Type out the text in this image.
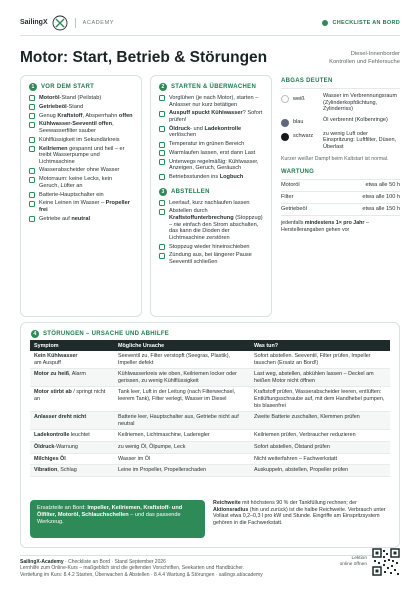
SailingX	ACADEMY	CHECKLISTE AN BORD
Motor: Start, Betrieb & Störungen	Diesel-Innenborder
Kontrollen und Fehlersuche
1	VOR DEM START
Motoröl-Stand (Peilstab)
Getriebeöl-Stand
Genug Kraftstoff, Absperrhahn offen
Kühlwasser-Seeventil offen, Seewasserfilter sauber
Kühlflüssigkeit im Sekundärkreis
Keilriemen gespannt und heil – er treibt Wasserpumpe und Lichtmaschine
Wasserabscheider ohne Wasser
Motorraum: keine Lecks, kein Geruch, Lüfter an
Batterie-Hauptschalter ein
Keine Leinen im Wasser – Propeller frei
Getriebe auf neutral
2	STARTEN & ÜBERWACHEN
Vorglühen (je nach Motor), starten – Anlasser nur kurz betätigen
Auspuff spuckt Kühlwasser? Sofort prüfen!
Öldruck- und Ladekontrolle verlöschen
Temperatur im grünen Bereich
Warmlaufen lassen, erst dann Last
Unterwegs regelmäßig: Kühlwasser, Anzeigen, Geruch, Geräusch
Betriebsstunden ins Logbuch
3	ABSTELLEN
Leerlauf, kurz nachlaufen lassen
Abstellen durch Kraftstoffunterbrechung (Stoppzug) – nie einfach den Strom abschalten, das kann die Dioden der Lichtmaschine zerstören
Stoppzug wieder hineinschieben
Zündung aus, bei längerer Pause Seeventil schließen
ABGAS DEUTEN
weiß	Wasser im Verbrennungsraum (Zylinderkopfdichtung, Zylinderriss)
blau	Öl verbrennt (Kolbenringe)
schwarz zu wenig Luft oder Einspritzung: Luftfilter, Düsen, Überlast
Kurzer weißer Dampf beim Kaltstart ist normal.
WARTUNG
Motoröl	etwa alle 50 h
Filter	etwa alle 100 h
Getriebeöl	etwa alle 150 h
jedenfalls mindestens 1× pro Jahr – Herstellerangaben gehen vor
4	STÖRUNGEN – URSACHE UND ABHILFE
Symptom	Mögliche Ursache	Was tun?
Kein Kühlwasser
am Auspuff	Seeventil zu, Filter verstopft (Seegras, Plastik), Impeller defekt	Sofort abstellen. Seeventil, Filter prüfen, Impeller tauschen (Ersatz an Bord!)
Motor zu heiß, Alarm	Kühlwasserkreis wie oben, Keilriemen locker oder gerissen, zu wenig Kühlflüssigkeit	Last weg, abstellen, abkühlen lassen – Deckel am heißen Motor nicht öffnen
Motor stirbt ab / springt nicht an	Tank leer, Luft in der Leitung (nach Filterwechsel, leerem Tank), Filter verlegt, Wasser im Diesel	Kraftstoff prüfen, Wasserabscheider leeren, entlüften: Entlüftungsschraube auf, mit dem Handhebel pumpen, bis blasenfrei
Anlasser dreht nicht	Batterie leer, Hauptschalter aus, Getriebe nicht auf neutral	Zweite Batterie zuschalten, Klemmen prüfen
Ladekontrolle leuchtet	Keilriemen, Lichtmaschine, Laderegler	Keilriemen prüfen, Verbraucher reduzieren
Öldruck-Warnung	zu wenig Öl, Ölpumpe, Leck	Sofort abstellen, Ölstand prüfen
Milchiges Öl	Wasser im Öl	Nicht weiterfahren – Fachwerkstatt
Vibration, Schlag	Leine im Propeller, Propellerschaden	Auskuppeln, abstellen, Propeller prüfen
Ersatzteile an Bord: Impeller, Keilriemen, Kraftstoff- und Ölfilter, Motoröl, Schlauchschellen – und das passende Werkzeug.
Reichweite mit höchstens 90 % der Tankfüllung rechnen; der Aktionsradius (hin und zurück) ist die halbe Reichweite. Verbrauch unter Vollast etwa 0,2–0,3 l pro kW und Stunde. Eingriffe am Einspritzsystem gehören in die Fachwerkstatt.
SailingX-Academy · Checkliste an Bord · Stand September 2026
Lernhilfe zum Online-Kurs – maßgeblich sind die geltenden Vorschriften, Seekarten und Handbücher.
Vertiefung im Kurs: 8.4.2 Starten, Überwachen & Abstellen · 8.4.4 Wartung & Störungen · sailingx.at/academy
Lektion
online öffnen
